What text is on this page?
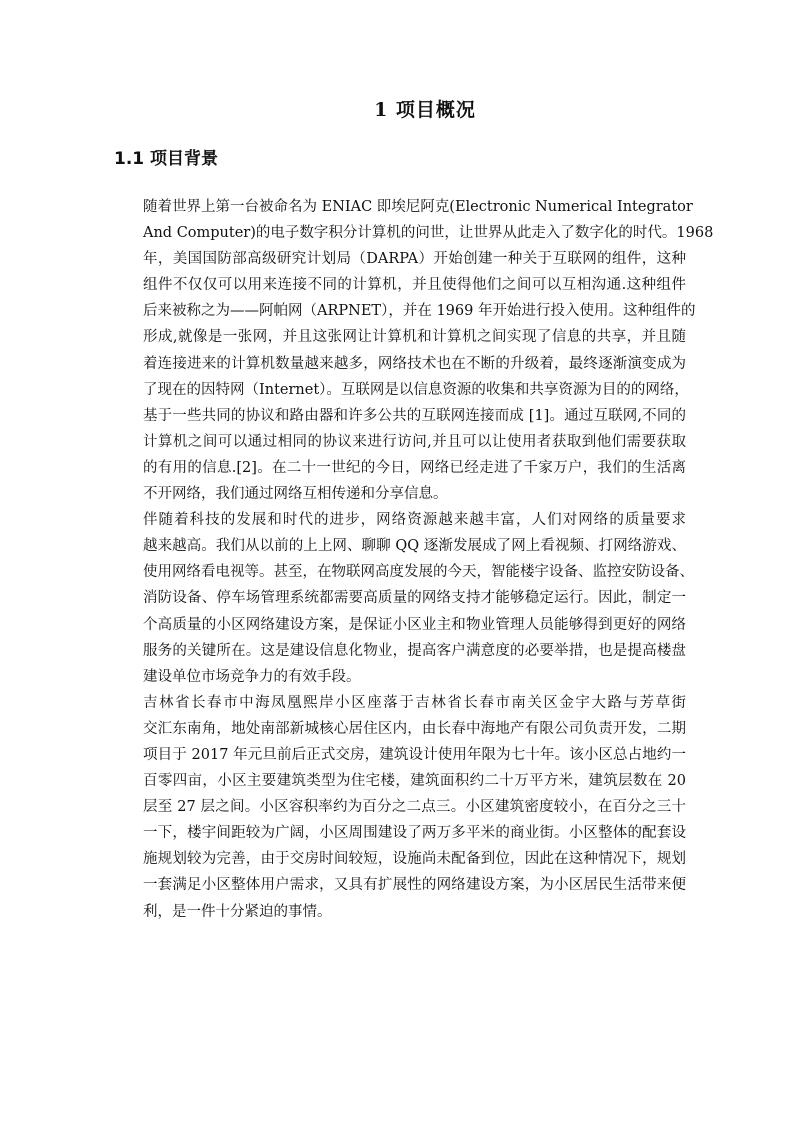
1 项目概况
1.1 项目背景

随着世界上第一台被命名为 ENIAC 即埃尼阿克(Electronic Numerical Integrator
And Computer)的电子数字积分计算机的问世，让世界从此走入了数字化的时代。1968
年，美国国防部高级研究计划局（DARPA）开始创建一种关于互联网的组件，这种
组件不仅仅可以用来连接不同的计算机，并且使得他们之间可以互相沟通.这种组件
后来被称之为——阿帕网（ARPNET），并在 1969 年开始进行投入使用。这种组件的
形成,就像是一张网，并且这张网让计算机和计算机之间实现了信息的共享，并且随
着连接进来的计算机数量越来越多，网络技术也在不断的升级着，最终逐渐演变成为
了现在的因特网（Internet）。互联网是以信息资源的收集和共享资源为目的的网络，
基于一些共同的协议和路由器和许多公共的互联网连接而成 [1]。通过互联网,不同的
计算机之间可以通过相同的协议来进行访问,并且可以让使用者获取到他们需要获取
的有用的信息.[2]。在二十一世纪的今日，网络已经走进了千家万户，我们的生活离
不开网络，我们通过网络互相传递和分享信息。

伴随着科技的发展和时代的进步，网络资源越来越丰富，人们对网络的质量要求
越来越高。我们从以前的上上网、聊聊 QQ 逐渐发展成了网上看视频、打网络游戏、
使用网络看电视等。甚至，在物联网高度发展的今天，智能楼宇设备、监控安防设备、
消防设备、停车场管理系统都需要高质量的网络支持才能够稳定运行。因此，制定一
个高质量的小区网络建设方案，是保证小区业主和物业管理人员能够得到更好的网络
服务的关键所在。这是建设信息化物业，提高客户满意度的必要举措，也是提高楼盘
建设单位市场竞争力的有效手段。

吉林省长春市中海凤凰熙岸小区座落于吉林省长春市南关区金宇大路与芳草街
交汇东南角，地处南部新城核心居住区内，由长春中海地产有限公司负责开发，二期
项目于 2017 年元旦前后正式交房，建筑设计使用年限为七十年。该小区总占地约一
百零四亩，小区主要建筑类型为住宅楼，建筑面积约二十万平方米，建筑层数在 20
层至 27 层之间。小区容积率约为百分之二点三。小区建筑密度较小，在百分之三十
一下，楼宇间距较为广阔，小区周围建设了两万多平米的商业街。小区整体的配套设
施规划较为完善，由于交房时间较短，设施尚未配备到位，因此在这种情况下，规划
一套满足小区整体用户需求，又具有扩展性的网络建设方案，为小区居民生活带来便
利，是一件十分紧迫的事情。
